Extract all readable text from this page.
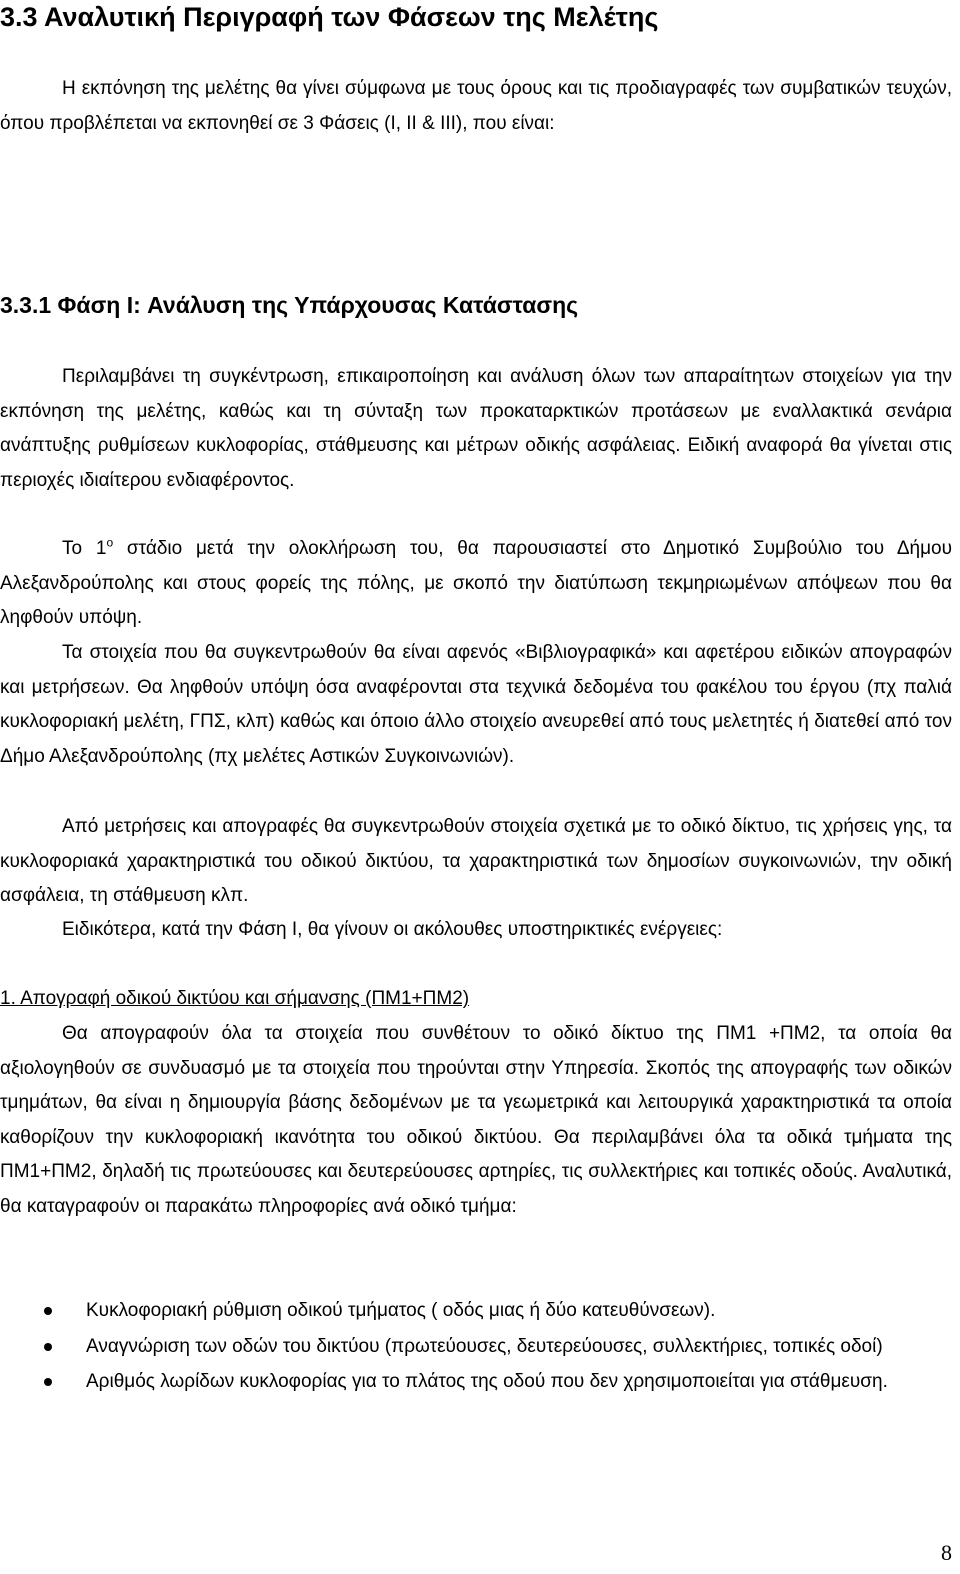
3.3 Αναλυτική Περιγραφή των Φάσεων της Μελέτης
Η εκπόνηση της μελέτης θα γίνει σύμφωνα με τους όρους και τις προδιαγραφές των συμβατικών τευχών, όπου προβλέπεται να εκπονηθεί σε 3 Φάσεις (I, II & III), που είναι:
3.3.1 Φάση I: Ανάλυση της Υπάρχουσας Κατάστασης
Περιλαμβάνει τη συγκέντρωση, επικαιροποίηση και ανάλυση όλων των απαραίτητων στοιχείων για την εκπόνηση της μελέτης, καθώς και τη σύνταξη των προκαταρκτικών προτάσεων με εναλλακτικά σενάρια ανάπτυξης ρυθμίσεων κυκλοφορίας, στάθμευσης και μέτρων οδικής ασφάλειας. Ειδική αναφορά θα γίνεται στις περιοχές ιδιαίτερου ενδιαφέροντος.
Το $1^o$ στάδιο μετά την ολοκλήρωση του, θα παρουσιαστεί στο Δημοτικό Συμβούλιο του Δήμου Αλεξανδρούπολης και στους φορείς της πόλης, με σκοπό την διατύπωση τεκμηριωμένων απόψεων που θα ληφθούν υπόψη.
Τα στοιχεία που θα συγκεντρωθούν θα είναι αφενός «Βιβλιογραφικά» και αφετέρου ειδικών απογραφών και μετρήσεων. Θα ληφθούν υπόψη όσα αναφέρονται στα τεχνικά δεδομένα του φακέλου του έργου (πχ παλιά κυκλοφοριακή μελέτη, ΓΠΣ, κλπ) καθώς και όποιο άλλο στοιχείο ανευρεθεί από τους μελετητές ή διατεθεί από τον Δήμο Αλεξανδρούπολης (πχ μελέτες Αστικών Συγκοινωνιών).
Από μετρήσεις και απογραφές θα συγκεντρωθούν στοιχεία σχετικά με το οδικό δίκτυο, τις χρήσεις γης, τα κυκλοφοριακά χαρακτηριστικά του οδικού δικτύου, τα χαρακτηριστικά των δημοσίων συγκοινωνιών, την οδική ασφάλεια, τη στάθμευση κλπ.
Ειδικότερα, κατά την Φάση Ι, θα γίνουν οι ακόλουθες υποστηρικτικές ενέργειες:
1. Απογραφή οδικού δικτύου και σήμανσης (ΠΜ1+ΠΜ2)
Θα απογραφούν όλα τα στοιχεία που συνθέτουν το οδικό δίκτυο της ΠΜ1 +ΠΜ2, τα οποία θα αξιολογηθούν σε συνδυασμό με τα στοιχεία που τηρούνται στην Υπηρεσία. Σκοπός της απογραφής των οδικών τμημάτων, θα είναι η δημιουργία βάσης δεδομένων με τα γεωμετρικά και λειτουργικά χαρακτηριστικά τα οποία καθορίζουν την κυκλοφοριακή ικανότητα του οδικού δικτύου. Θα περιλαμβάνει όλα τα οδικά τμήματα της ΠΜ1+ΠΜ2, δηλαδή τις πρωτεύουσες και δευτερεύουσες αρτηρίες, τις συλλεκτήριες και τοπικές οδούς. Αναλυτικά, θα καταγραφούν οι παρακάτω πληροφορίες ανά οδικό τμήμα:
Κυκλοφοριακή ρύθμιση οδικού τμήματος ( οδός μιας ή δύο κατευθύνσεων).
Αναγνώριση των οδών του δικτύου (πρωτεύουσες, δευτερεύουσες, συλλεκτήριες, τοπικές οδοί)
Αριθμός λωρίδων κυκλοφορίας για το πλάτος της οδού που δεν χρησιμοποιείται για στάθμευση.
8
